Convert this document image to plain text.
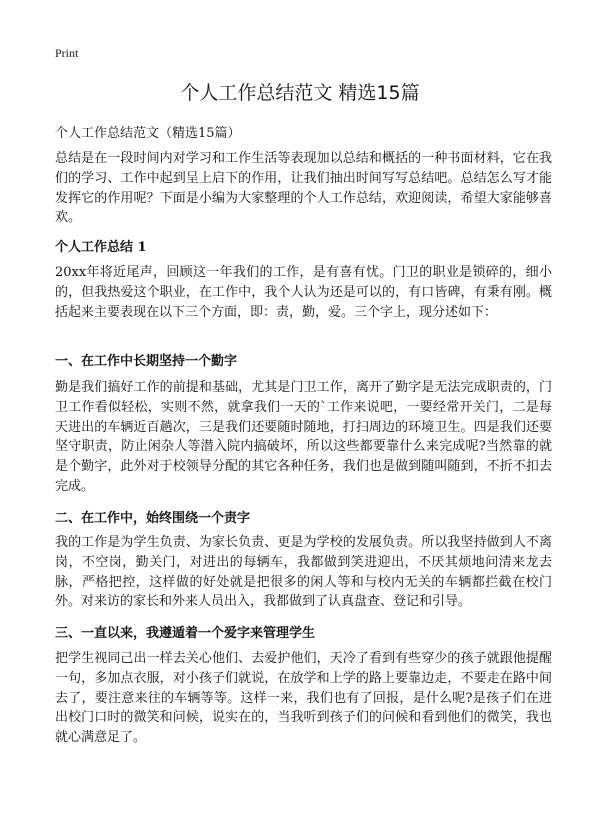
Print
个人工作总结范文 精选15篇

个人工作总结范文（精选15篇）

总结是在一段时间内对学习和工作生活等表现加以总结和概括的一种书面材料，它在我们的学习、工作中起到呈上启下的作用，让我们抽出时间写写总结吧。总结怎么写才能发挥它的作用呢？下面是小编为大家整理的个人工作总结，欢迎阅读，希望大家能够喜欢。

个人工作总结 1

20xx年将近尾声，回顾这一年我们的工作，是有喜有忧。门卫的职业是锁碎的，细小的，但我热爱这个职业，在工作中，我个人认为还是可以的，有口皆碑，有秉有刚。概括起来主要表现在以下三个方面，即：责，勤，爱。三个字上，现分述如下：

一、在工作中长期坚持一个勤字

勤是我们搞好工作的前提和基础，尤其是门卫工作，离开了勤字是无法完成职责的，门卫工作看似轻松，实则不然，就拿我们一天的`工作来说吧，一要经常开关门，二是每天进出的车辆近百趟次，三是我们还要随时随地，打扫周边的环境卫生。四是我们还要坚守职责，防止闲杂人等潜入院内搞破坏，所以这些都要靠什么来完成呢?当然靠的就是个勤字，此外对于校领导分配的其它各种任务，我们也是做到随叫随到，不折不扣去完成。

二、在工作中，始终围绕一个责字

我的工作是为学生负责、为家长负责、更是为学校的发展负责。所以我坚持做到人不离岗，不空岗，勤关门，对进出的每辆车，我都做到笑进迎出，不厌其烦地问清来龙去脉，严格把控，这样做的好处就是把很多的闲人等和与校内无关的车辆都拦截在校门外。对来访的家长和外来人员出入，我都做到了认真盘查、登记和引导。

三、一直以来，我遵遁着一个爱字来管理学生

把学生视同己出一样去关心他们、去爱护他们，天冷了看到有些穿少的孩子就跟他提醒一句，多加点衣服，对小孩子们就说，在放学和上学的路上要靠边走，不要走在路中间去了，要注意来往的车辆等等。这样一来，我们也有了回报，是什么呢?是孩子们在进出校门口时的微笑和问候，说实在的，当我听到孩子们的问候和看到他们的微笑，我也就心满意足了。
